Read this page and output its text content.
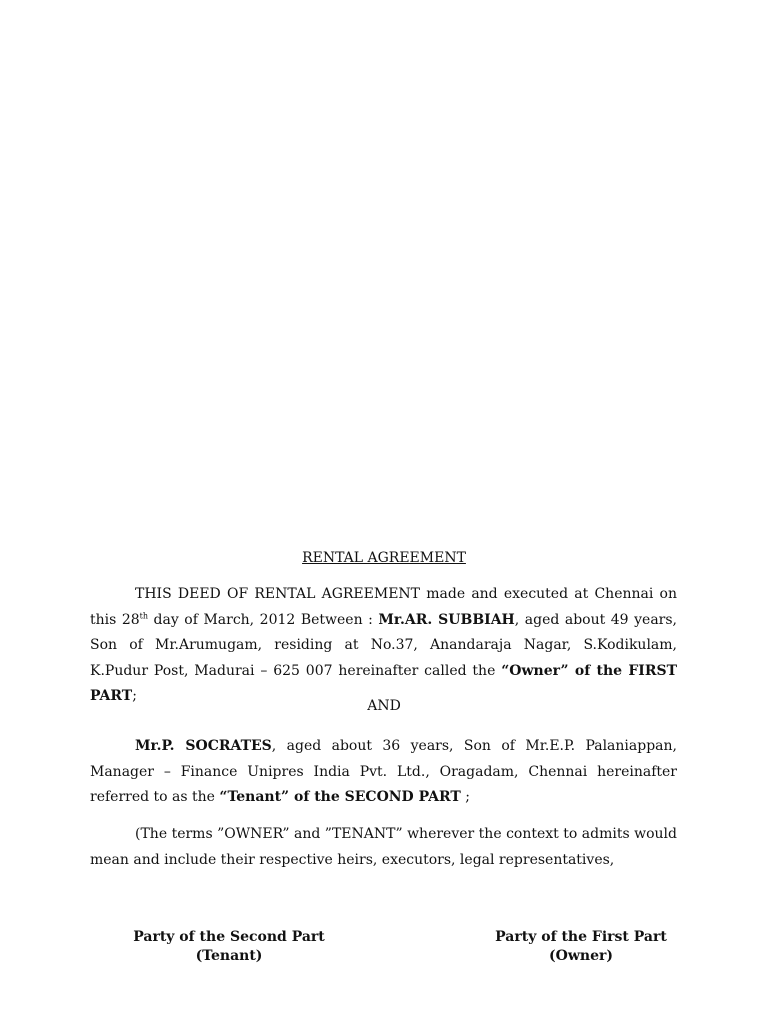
RENTAL AGREEMENT
THIS DEED OF RENTAL AGREEMENT made and executed at Chennai on this 28th day of March, 2012 Between : Mr.AR. SUBBIAH, aged about 49 years, Son of Mr.Arumugam, residing at No.37, Anandaraja Nagar, S.Kodikulam, K.Pudur Post, Madurai – 625 007 hereinafter called the “Owner” of the FIRST PART;
AND
Mr.P. SOCRATES, aged about 36 years, Son of Mr.E.P. Palaniappan, Manager – Finance Unipres India Pvt. Ltd., Oragadam, Chennai hereinafter referred to as the “Tenant” of the SECOND PART ;
(The terms ”OWNER” and ”TENANT” wherever the context to admits would mean and include their respective heirs, executors, legal representatives,
Party of the Second Part
(Tenant)
Party of the First Part
(Owner)
